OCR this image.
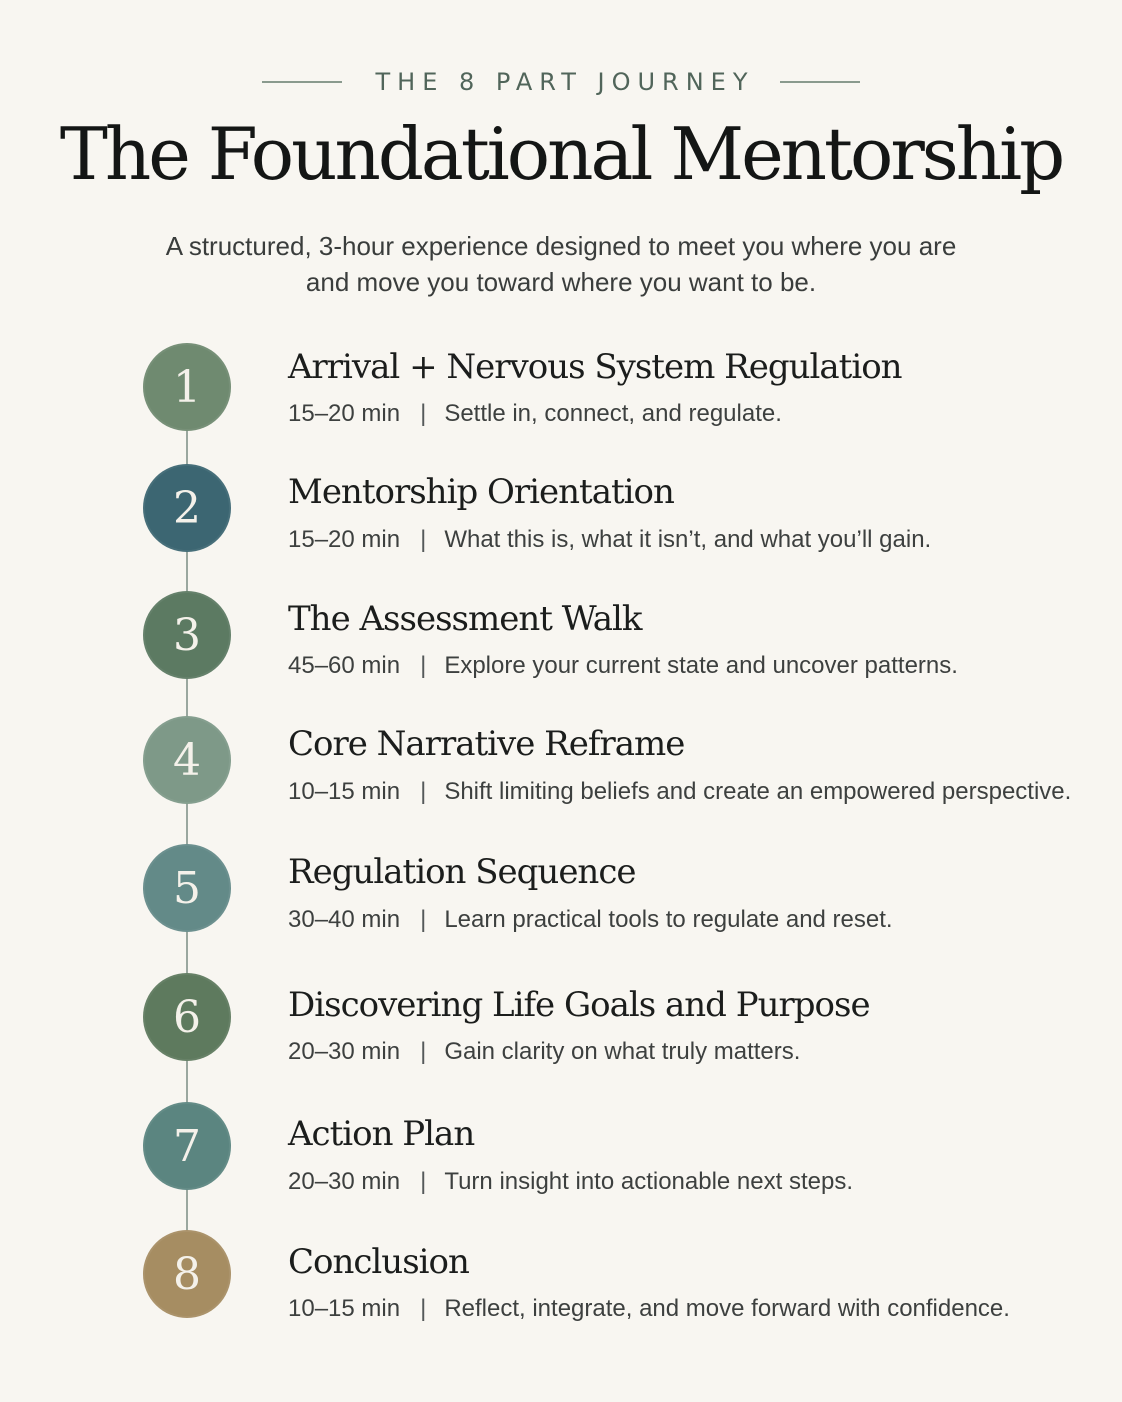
THE 8 PART JOURNEY
The Foundational Mentorship
A structured, 3-hour experience designed to meet you where you are
and move you toward where you want to be.
1	Arrival + Nervous System Regulation
15–20 min | Settle in, connect, and regulate.
2	Mentorship Orientation
15–20 min | What this is, what it isn’t, and what you’ll gain.
3	The Assessment Walk
45–60 min | Explore your current state and uncover patterns.
4	Core Narrative Reframe
10–15 min | Shift limiting beliefs and create an empowered perspective.
5	Regulation Sequence
30–40 min | Learn practical tools to regulate and reset.
6	Discovering Life Goals and Purpose
20–30 min | Gain clarity on what truly matters.
7	Action Plan
20–30 min | Turn insight into actionable next steps.
8	Conclusion
10–15 min | Reflect, integrate, and move forward with confidence.
